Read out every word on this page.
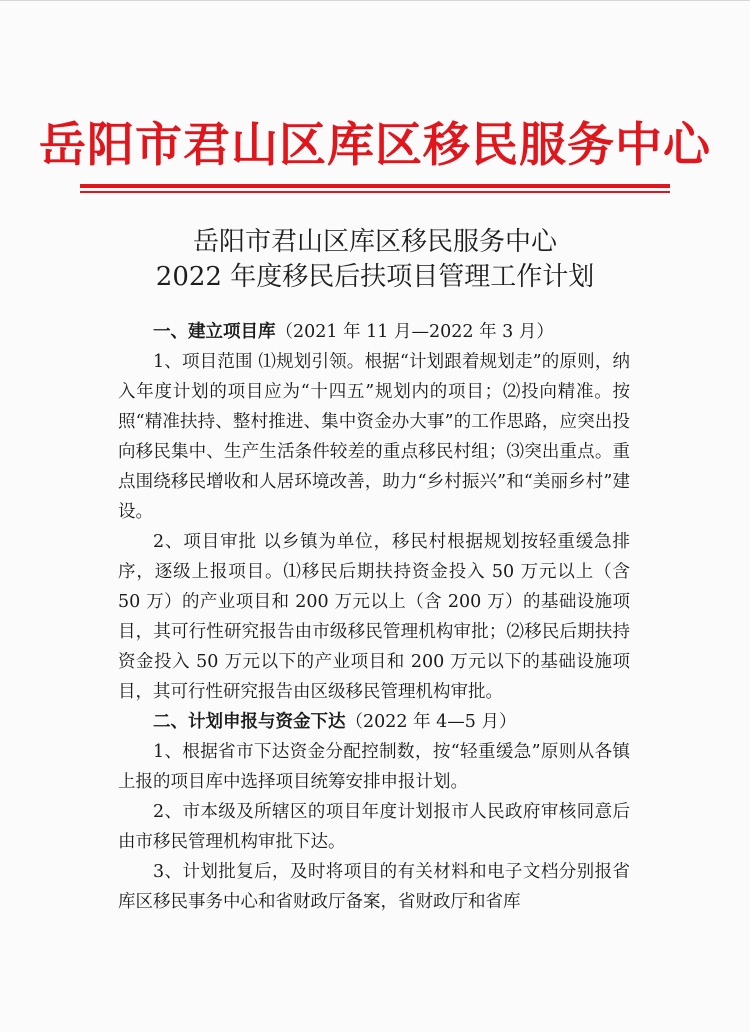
岳阳市君山区库区移民服务中心
岳阳市君山区库区移民服务中心
2022 年度移民后扶项目管理工作计划

一、建立项目库（2021 年 11 月—2022 年 3 月）

1、项目范围 ⑴规划引领。根据“计划跟着规划走”的原则，纳入年度计划的项目应为“十四五”规划内的项目；⑵投向精准。按照“精准扶持、整村推进、集中资金办大事”的工作思路，应突出投向移民集中、生产生活条件较差的重点移民村组；⑶突出重点。重点围绕移民增收和人居环境改善，助力“乡村振兴”和“美丽乡村”建设。

2、项目审批 以乡镇为单位，移民村根据规划按轻重缓急排序，逐级上报项目。⑴移民后期扶持资金投入 50 万元以上（含 50 万）的产业项目和 200 万元以上（含 200 万）的基础设施项目，其可行性研究报告由市级移民管理机构审批；⑵移民后期扶持资金投入 50 万元以下的产业项目和 200 万元以下的基础设施项目，其可行性研究报告由区级移民管理机构审批。

二、计划申报与资金下达（2022 年 4—5 月）

1、根据省市下达资金分配控制数，按“轻重缓急”原则从各镇上报的项目库中选择项目统筹安排申报计划。

2、市本级及所辖区的项目年度计划报市人民政府审核同意后由市移民管理机构审批下达。

3、计划批复后，及时将项目的有关材料和电子文档分别报省库区移民事务中心和省财政厅备案，省财政厅和省库
